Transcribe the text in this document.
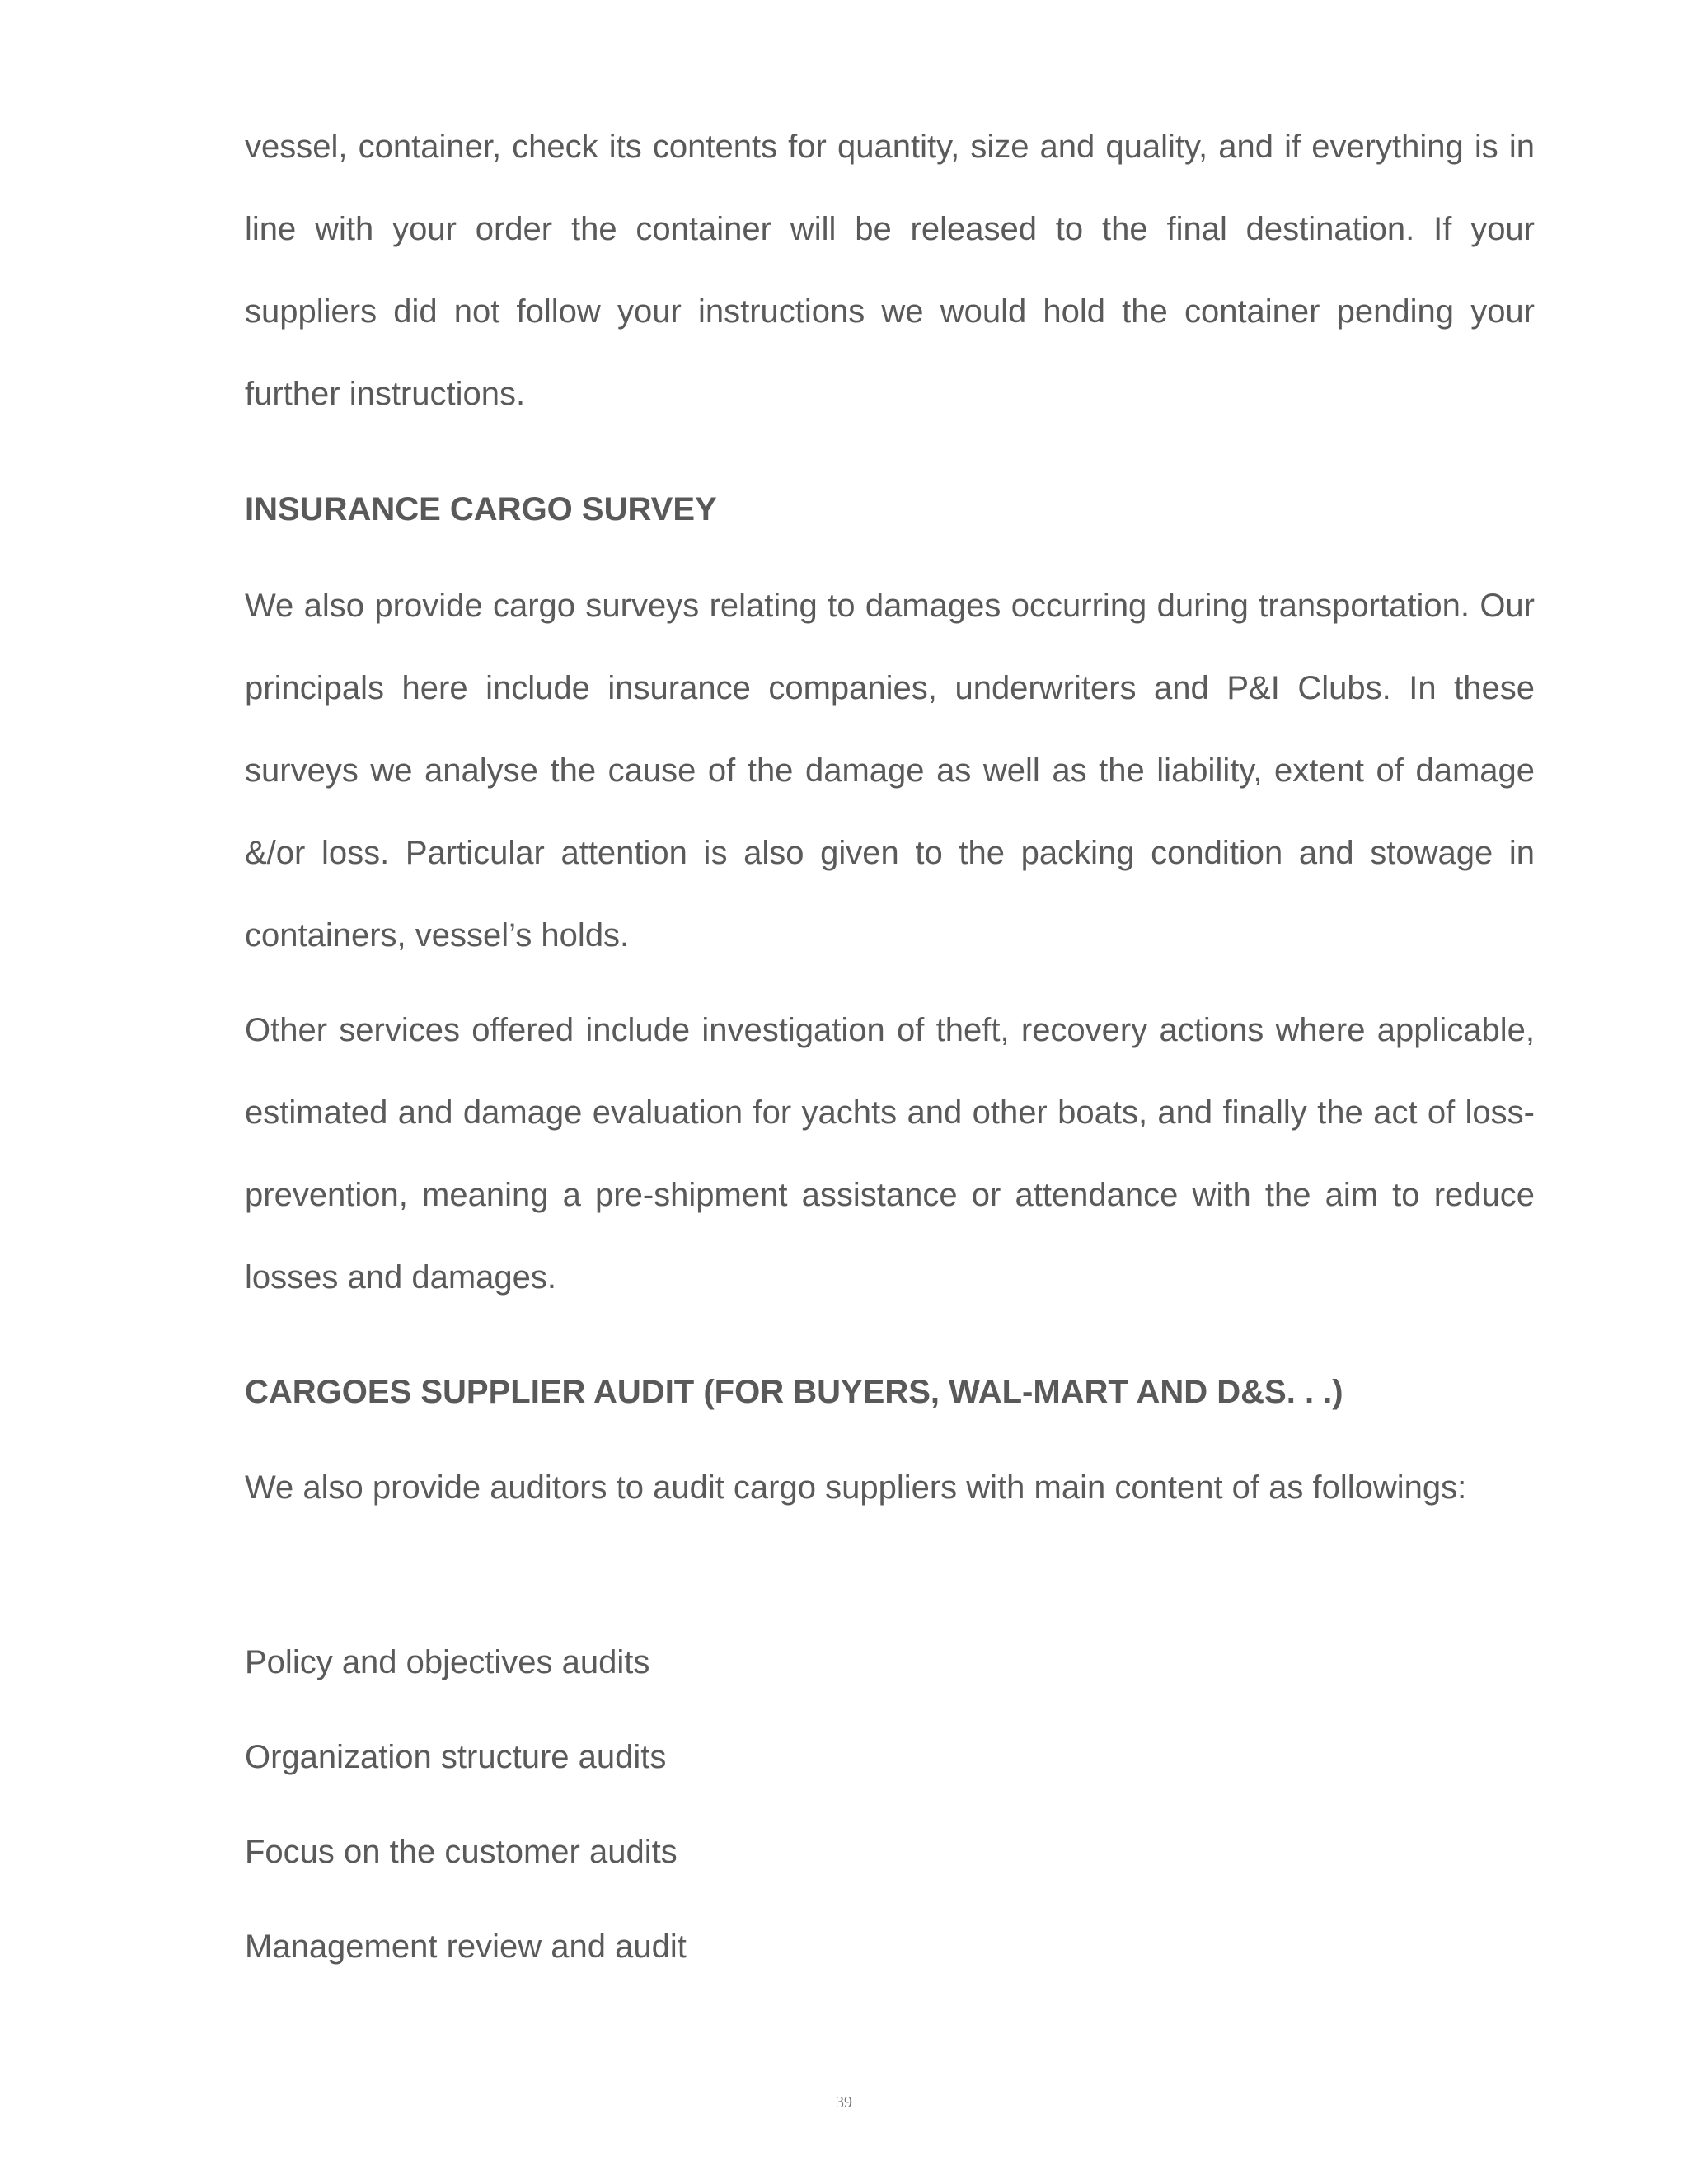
vessel, container, check its contents for quantity, size and quality, and if everything is in line with your order the container will be released to the final destination. If your suppliers did not follow your instructions we would hold the container pending your further instructions.

INSURANCE CARGO SURVEY

We also provide cargo surveys relating to damages occurring during transportation. Our principals here include insurance companies, underwriters and P&I Clubs. In these surveys we analyse the cause of the damage as well as the liability, extent of damage &/or loss. Particular attention is also given to the packing condition and stowage in containers, vessel’s holds.

Other services offered include investigation of theft, recovery actions where applicable, estimated and damage evaluation for yachts and other boats, and finally the act of loss-prevention, meaning a pre-shipment assistance or attendance with the aim to reduce losses and damages.

CARGOES SUPPLIER AUDIT (FOR BUYERS, WAL-MART AND D&S. . .)

We also provide auditors to audit cargo suppliers with main content of as followings:

Policy and objectives audits

Organization structure audits

Focus on the customer audits

Management review and audit

39
